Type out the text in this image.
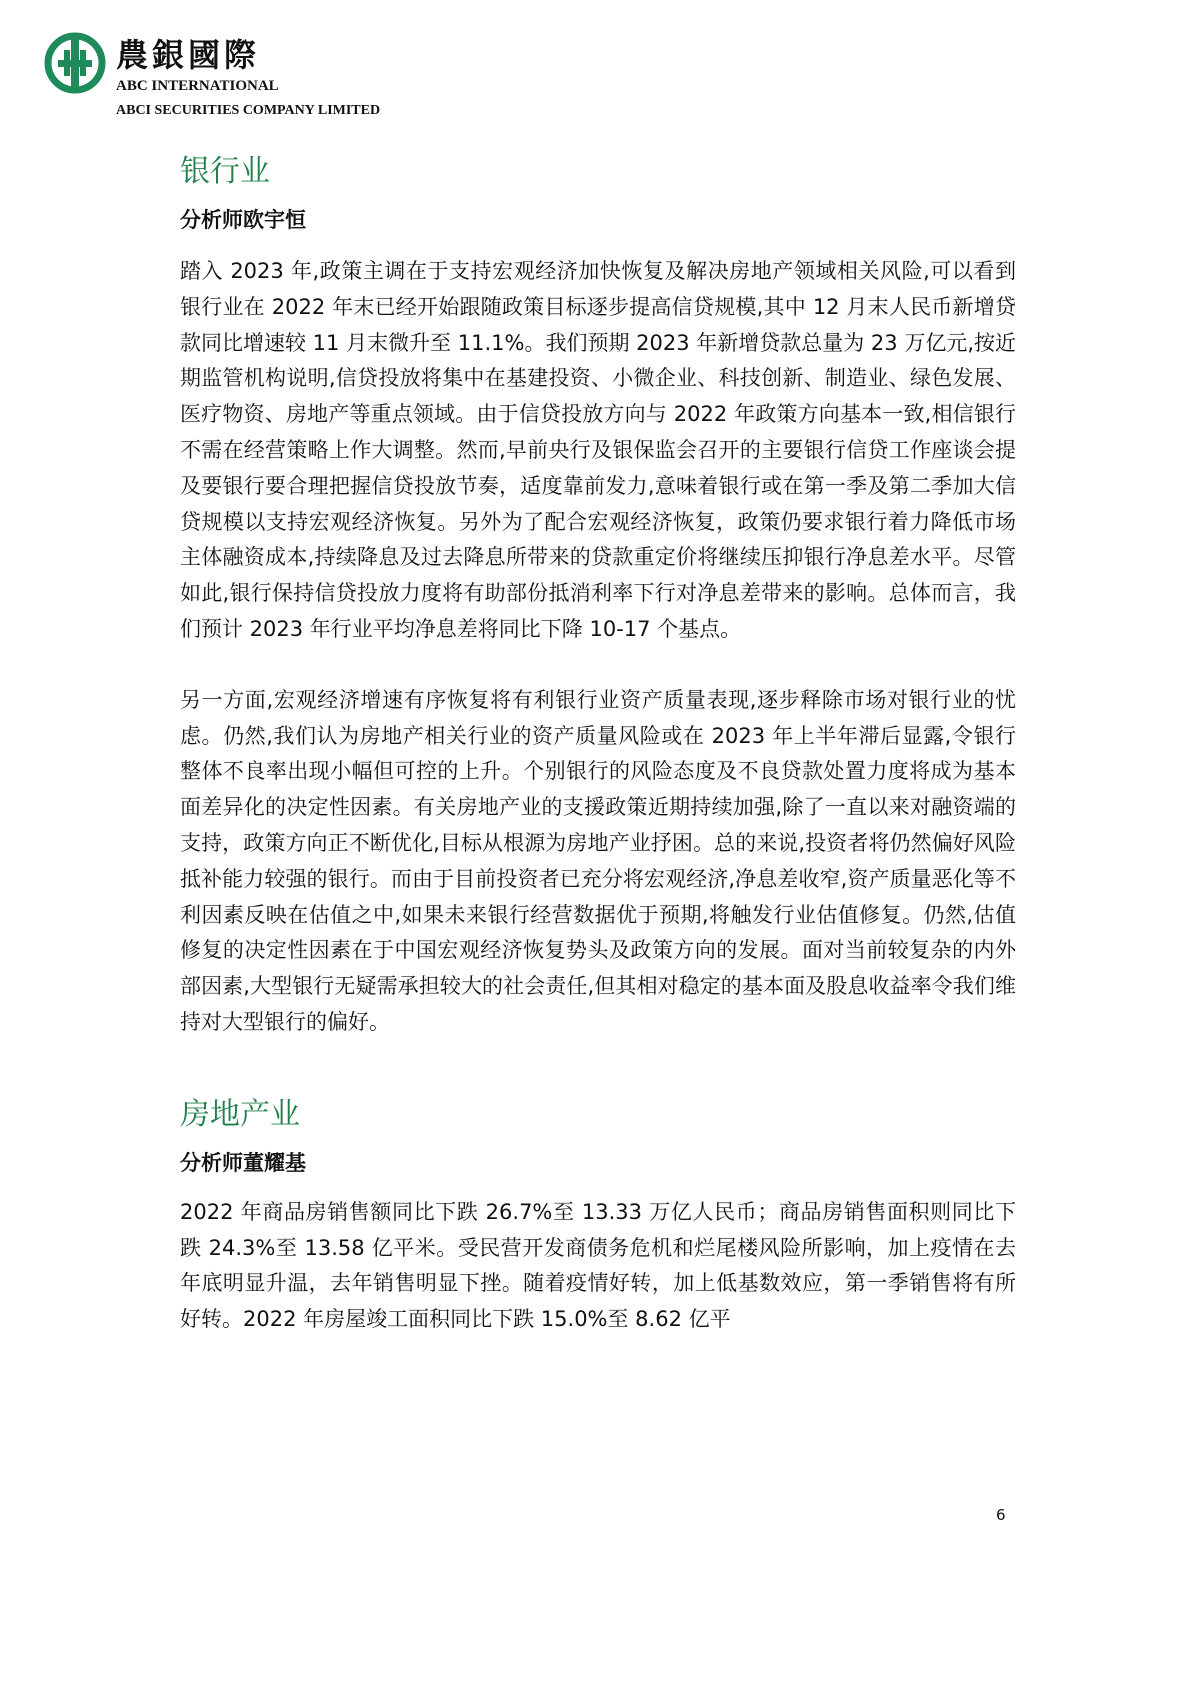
農銀國際
ABC INTERNATIONAL
ABCI SECURITIES COMPANY LIMITED
银行业
分析师欧宇恒

踏入 2023 年,政策主调在于支持宏观经济加快恢复及解决房地产领域相关风险,可以看到银行业在 2022 年末已经开始跟随政策目标逐步提高信贷规模,其中 12 月末人民币新增贷款同比增速较 11 月末微升至 11.1%。我们预期 2023 年新增贷款总量为 23 万亿元,按近期监管机构说明,信贷投放将集中在基建投资、小微企业、科技创新、制造业、绿色发展、医疗物资、房地产等重点领域。由于信贷投放方向与 2022 年政策方向基本一致,相信银行不需在经营策略上作大调整。然而,早前央行及银保监会召开的主要银行信贷工作座谈会提及要银行要合理把握信贷投放节奏，适度靠前发力,意味着银行或在第一季及第二季加大信贷规模以支持宏观经济恢复。另外为了配合宏观经济恢复，政策仍要求银行着力降低市场主体融资成本,持续降息及过去降息所带来的贷款重定价将继续压抑银行净息差水平。尽管如此,银行保持信贷投放力度将有助部份抵消利率下行对净息差带来的影响。总体而言，我们预计 2023 年行业平均净息差将同比下降 10-17 个基点。

另一方面,宏观经济增速有序恢复将有利银行业资产质量表现,逐步释除市场对银行业的忧虑。仍然,我们认为房地产相关行业的资产质量风险或在 2023 年上半年滞后显露,令银行整体不良率出现小幅但可控的上升。个别银行的风险态度及不良贷款处置力度将成为基本面差异化的决定性因素。有关房地产业的支援政策近期持续加强,除了一直以来对融资端的支持，政策方向正不断优化,目标从根源为房地产业抒困。总的来说,投资者将仍然偏好风险抵补能力较强的银行。而由于目前投资者已充分将宏观经济,净息差收窄,资产质量恶化等不利因素反映在估值之中,如果未来银行经营数据优于预期,将触发行业估值修复。仍然,估值修复的决定性因素在于中国宏观经济恢复势头及政策方向的发展。面对当前较复杂的内外部因素,大型银行无疑需承担较大的社会责任,但其相对稳定的基本面及股息收益率令我们维持对大型银行的偏好。

房地产业
分析师董耀基

2022 年商品房销售额同比下跌 26.7%至 13.33 万亿人民币；商品房销售面积则同比下跌 24.3%至 13.58 亿平米。受民营开发商债务危机和烂尾楼风险所影响，加上疫情在去年底明显升温，去年销售明显下挫。随着疫情好转，加上低基数效应，第一季销售将有所好转。2022 年房屋竣工面积同比下跌 15.0%至 8.62 亿平

6
